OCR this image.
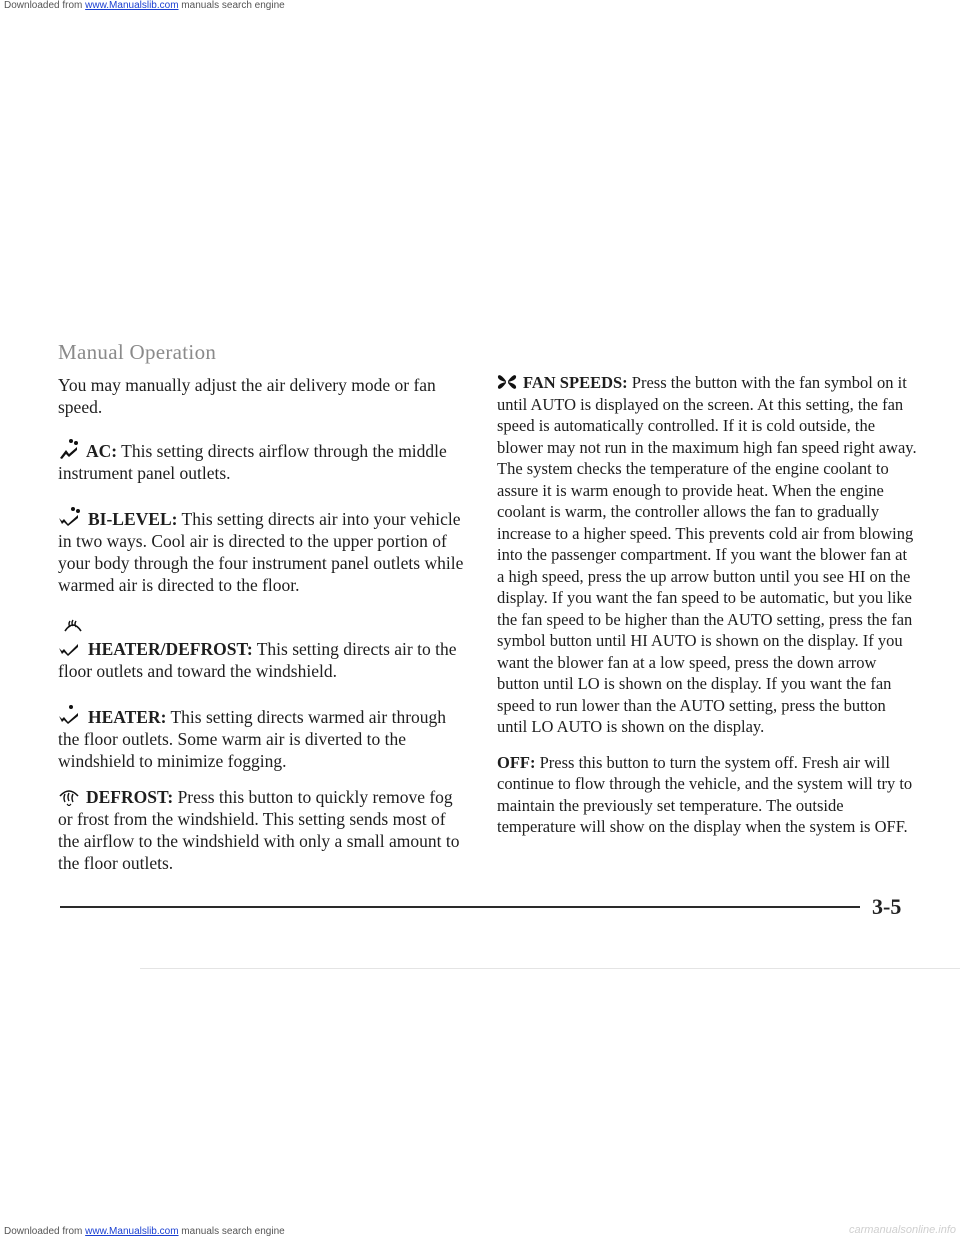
Downloaded from www.Manualslib.com manuals search engine
Manual Operation

You may manually adjust the air delivery mode or fan speed.

AC: This setting directs airflow through the middle instrument panel outlets.

BI-LEVEL: This setting directs air into your vehicle in two ways. Cool air is directed to the upper portion of your body through the four instrument panel outlets while warmed air is directed to the floor.

HEATER/DEFROST: This setting directs air to the floor outlets and toward the windshield.

HEATER: This setting directs warmed air through the floor outlets. Some warm air is diverted to the windshield to minimize fogging.

DEFROST: Press this button to quickly remove fog or frost from the windshield. This setting sends most of the airflow to the windshield with only a small amount to the floor outlets.

FAN SPEEDS: Press the button with the fan symbol on it until AUTO is displayed on the screen. At this setting, the fan speed is automatically controlled. If it is cold outside, the blower may not run in the maximum high fan speed right away. The system checks the temperature of the engine coolant to assure it is warm enough to provide heat. When the engine coolant is warm, the controller allows the fan to gradually increase to a higher speed. This prevents cold air from blowing into the passenger compartment. If you want the blower fan at a high speed, press the up arrow button until you see HI on the display. If you want the fan speed to be automatic, but you like the fan speed to be higher than the AUTO setting, press the fan symbol button until HI AUTO is shown on the display. If you want the blower fan at a low speed, press the down arrow button until LO is shown on the display. If you want the fan speed to run lower than the AUTO setting, press the button until LO AUTO is shown on the display.

OFF: Press this button to turn the system off. Fresh air will continue to flow through the vehicle, and the system will try to maintain the previously set temperature. The outside temperature will show on the display when the system is OFF.

3-5
Downloaded from www.Manualslib.com manuals search engine	carmanualsonline.info
